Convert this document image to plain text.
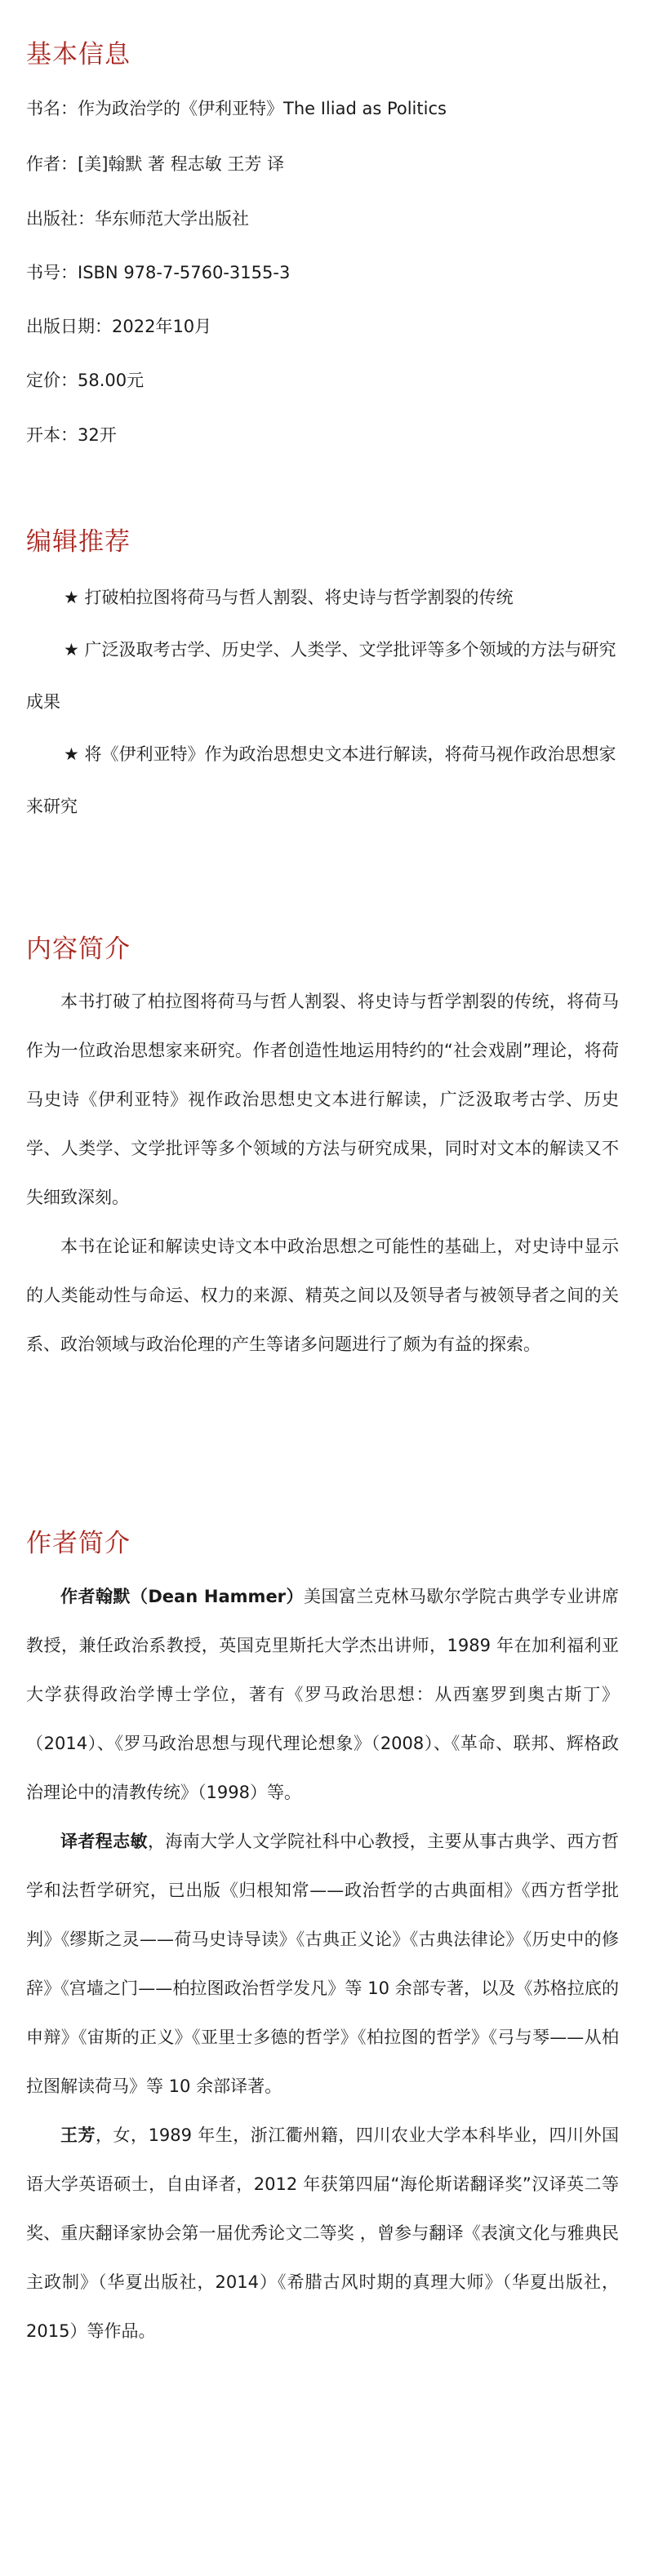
基本信息
书名：作为政治学的《伊利亚特》The Iliad as Politics
作者：[美]翰默 著 程志敏 王芳 译
出版社：华东师范大学出版社
书号：ISBN 978-7-5760-3155-3
出版日期：2022年10月
定价：58.00元
开本：32开
编辑推荐

★ 打破柏拉图将荷马与哲人割裂、将史诗与哲学割裂的传统

★ 广泛汲取考古学、历史学、人类学、文学批评等多个领域的方法与研究成果

★ 将《伊利亚特》作为政治思想史文本进行解读，将荷马视作政治思想家来研究

内容简介

本书打破了柏拉图将荷马与哲人割裂、将史诗与哲学割裂的传统，将荷马作为一位政治思想家来研究。作者创造性地运用特约的“社会戏剧”理论，将荷马史诗《伊利亚特》视作政治思想史文本进行解读，广泛汲取考古学、历史学、人类学、文学批评等多个领域的方法与研究成果，同时对文本的解读又不失细致深刻。

本书在论证和解读史诗文本中政治思想之可能性的基础上，对史诗中显示的人类能动性与命运、权力的来源、精英之间以及领导者与被领导者之间的关系、政治领域与政治伦理的产生等诸多问题进行了颇为有益的探索。

作者简介

作者翰默（Dean Hammer）美国富兰克林马歇尔学院古典学专业讲席教授，兼任政治系教授，英国克里斯托大学杰出讲师，1989 年在加利福利亚大学获得政治学博士学位，著有《罗马政治思想：从西塞罗到奥古斯丁》（2014）、《罗马政治思想与现代理论想象》（2008）、《革命、联邦、辉格政治理论中的清教传统》（1998）等。

译者程志敏，海南大学人文学院社科中心教授，主要从事古典学、西方哲学和法哲学研究，已出版《归根知常——政治哲学的古典面相》《西方哲学批判》《缪斯之灵——荷马史诗导读》《古典正义论》《古典法律论》《历史中的修辞》《宫墙之门——柏拉图政治哲学发凡》等 10 余部专著，以及《苏格拉底的申辩》《宙斯的正义》《亚里士多德的哲学》《柏拉图的哲学》《弓与琴——从柏拉图解读荷马》等 10 余部译著。

王芳，女，1989 年生，浙江衢州籍，四川农业大学本科毕业，四川外国语大学英语硕士，自由译者，2012 年获第四届“海伦斯诺翻译奖”汉译英二等奖、重庆翻译家协会第一届优秀论文二等奖 ，曾参与翻译《表演文化与雅典民主政制》（华夏出版社，2014）《希腊古风时期的真理大师》（华夏出版社，2015）等作品。
